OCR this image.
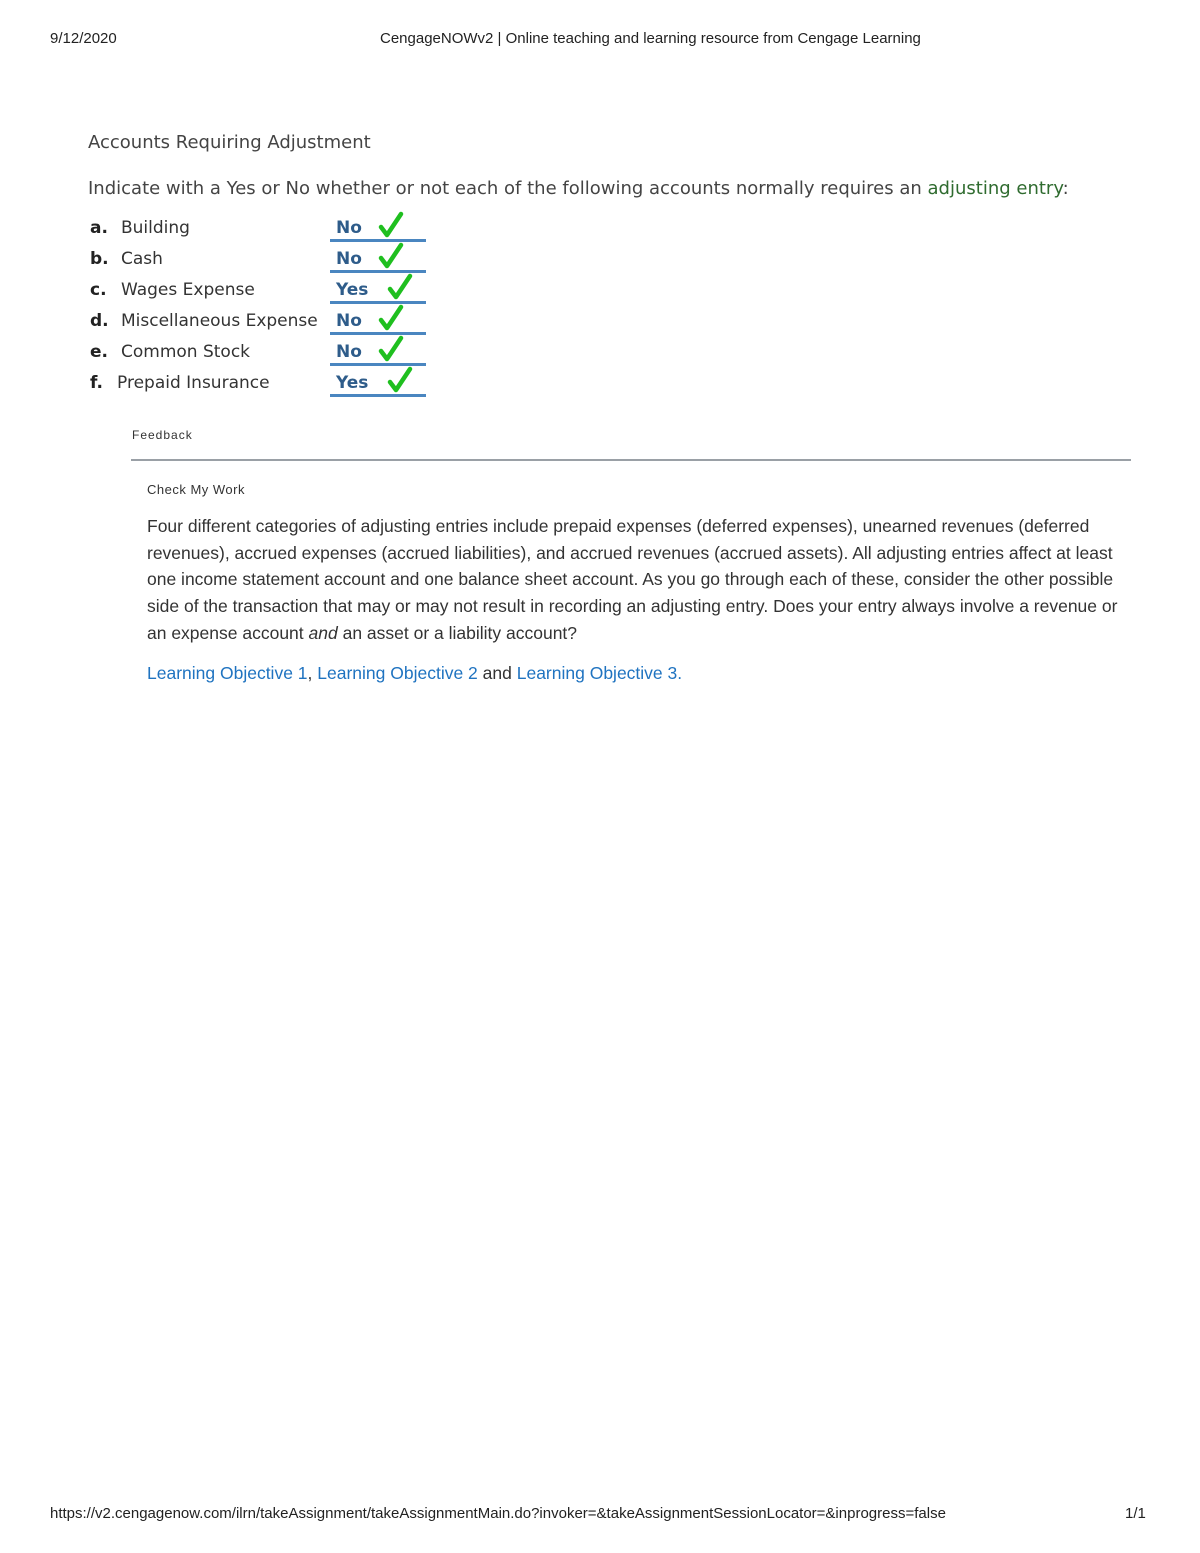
9/12/2020	CengageNOWv2 | Online teaching and learning resource from Cengage Learning
Accounts Requiring Adjustment
Indicate with a Yes or No whether or not each of the following accounts normally requires an adjusting entry:
a. Building	No
b. Cash	No
c. Wages Expense	Yes
d. Miscellaneous Expense No
e. Common Stock	No
f. Prepaid Insurance	Yes
Feedback
Check My Work
Four different categories of adjusting entries include prepaid expenses (deferred expenses), unearned revenues (deferred revenues), accrued expenses (accrued liabilities), and accrued revenues (accrued assets). All adjusting entries affect at least one income statement account and one balance sheet account. As you go through each of these, consider the other possible side of the transaction that may or may not result in recording an adjusting entry. Does your entry always involve a revenue or an expense account and an asset or a liability account?
Learning Objective 1, Learning Objective 2 and Learning Objective 3.
https://v2.cengagenow.com/ilrn/takeAssignment/takeAssignmentMain.do?invoker=&takeAssignmentSessionLocator=&inprogress=false	1/1
